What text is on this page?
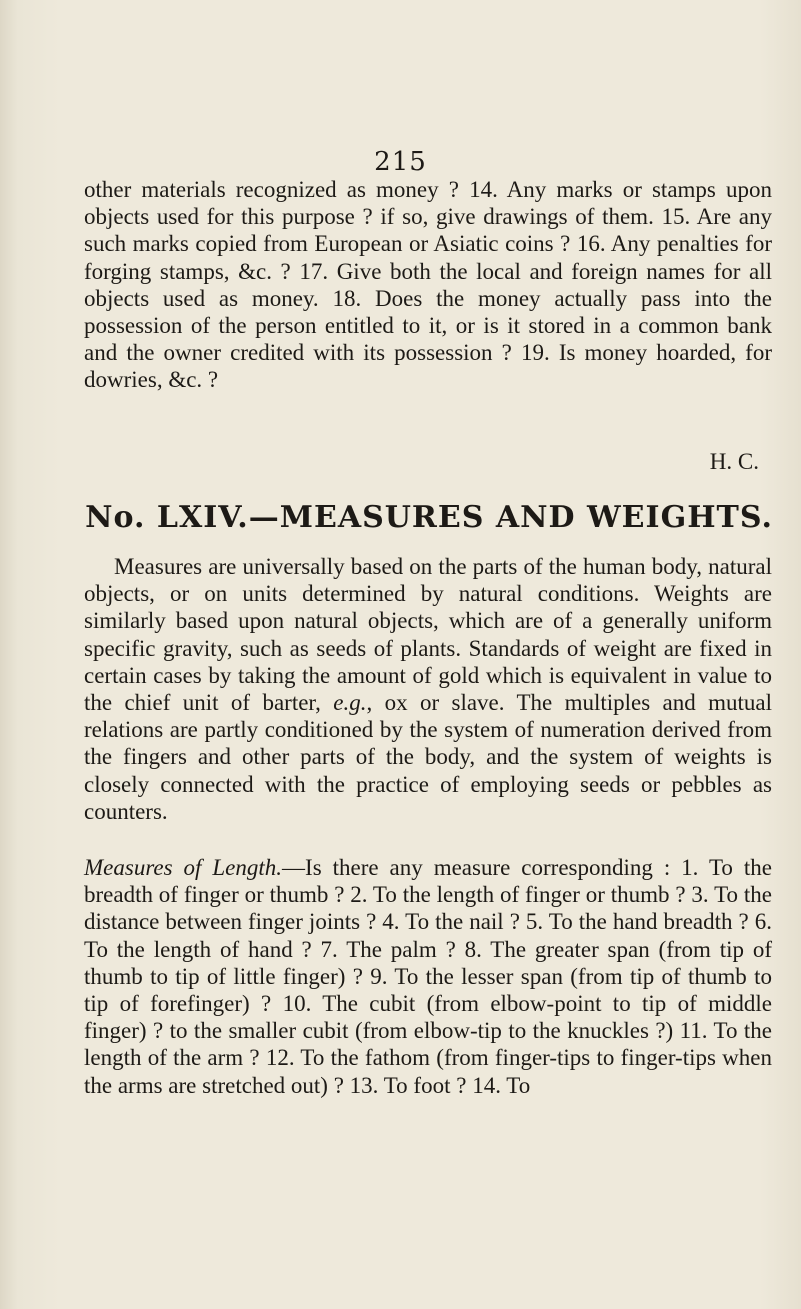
215

other materials recognized as money ? 14. Any marks or stamps upon objects used for this purpose ? if so, give drawings of them. 15. Are any such marks copied from European or Asiatic coins ? 16. Any penalties for forging stamps, &c. ? 17. Give both the local and foreign names for all objects used as money. 18. Does the money actually pass into the possession of the person entitled to it, or is it stored in a common bank and the owner credited with its possession ? 19. Is money hoarded, for dowries, &c. ?

H. C.
No. LXIV.—MEASURES AND WEIGHTS.

Measures are universally based on the parts of the human body, natural objects, or on units determined by natural conditions. Weights are similarly based upon natural objects, which are of a generally uniform specific gravity, such as seeds of plants. Standards of weight are fixed in certain cases by taking the amount of gold which is equivalent in value to the chief unit of barter, e.g., ox or slave. The multiples and mutual relations are partly conditioned by the system of numeration derived from the fingers and other parts of the body, and the system of weights is closely connected with the practice of employing seeds or pebbles as counters.

Measures of Length.—Is there any measure corresponding : 1. To the breadth of finger or thumb ? 2. To the length of finger or thumb ? 3. To the distance between finger joints ? 4. To the nail ? 5. To the hand breadth ? 6. To the length of hand ? 7. The palm ? 8. The greater span (from tip of thumb to tip of little finger) ? 9. To the lesser span (from tip of thumb to tip of forefinger) ? 10. The cubit (from elbow-point to tip of middle finger) ? to the smaller cubit (from elbow-tip to the knuckles ?) 11. To the length of the arm ? 12. To the fathom (from finger-tips to finger-tips when the arms are stretched out) ? 13. To foot ? 14. To
